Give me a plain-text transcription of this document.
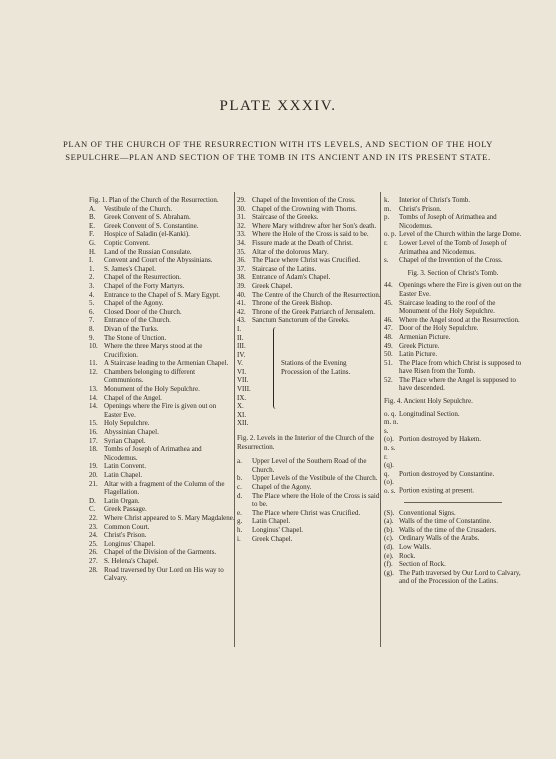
PLATE XXXIV.
PLAN OF THE CHURCH OF THE RESURRECTION WITH ITS LEVELS, AND SECTION OF THE HOLY SEPULCHRE—PLAN AND SECTION OF THE TOMB IN ITS ANCIENT AND IN ITS PRESENT STATE.
Fig. 1. Plan of the Church of the Resurrection.
A. Vestibule of the Church.
B. Greek Convent of S. Abraham.
E. Greek Convent of S. Constantine.
F. Hospice of Saladin (el-Kanki).
G. Coptic Convent.
H. Land of the Russian Consulate.
I. Convent and Court of the Abyssinians.
1. S. James's Chapel.
2. Chapel of the Resurrection.
3. Chapel of the Forty Martyrs.
4. Entrance to the Chapel of S. Mary Egypt.
5. Chapel of the Agony.
6. Closed Door of the Church.
7. Entrance of the Church.
8. Divan of the Turks.
9. The Stone of Unction.
10. Where the three Marys stood at the Crucifixion.
11. A Staircase leading to the Armenian Chapel.
12. Chambers belonging to different Communions.
13. Monument of the Holy Sepulchre.
14. Chapel of the Angel.
14. Openings where the Fire is given out on Easter Eve.
15. Holy Sepulchre.
16. Abyssinian Chapel.
17. Syrian Chapel.
18. Tombs of Joseph of Arimathea and Nicodemus.
19. Latin Convent.
20. Latin Chapel.
21. Altar with a fragment of the Column of the Flagellation.
D. Latin Organ.
C. Greek Passage.
22. Where Christ appeared to S. Mary Magdalene.
23. Common Court.
24. Christ's Prison.
25. Longinus' Chapel.
26. Chapel of the Division of the Garments.
27. S. Helena's Chapel.
28. Road traversed by Our Lord on His way to Calvary.
29. Chapel of the Invention of the Cross.
30. Chapel of the Crowning with Thorns.
31. Staircase of the Greeks.
32. Where Mary withdrew after her Son's death.
33. Where the Hole of the Cross is said to be.
34. Fissure made at the Death of Christ.
35. Altar of the dolorous Mary.
36. The Place where Christ was Crucified.
37. Staircase of the Latins.
38. Entrance of Adam's Chapel.
39. Greek Chapel.
40. The Centre of the Church of the Resurrection.
41. Throne of the Greek Bishop.
42. Throne of the Greek Patriarch of Jerusalem.
43. Sanctum Sanctorum of the Greeks.
I.
II.
III.
IV.
V.
VI.
VII.
VIII.
IX.
X.
XI.
XII.
Stations of the Evening Procession of the Latins.
Fig. 2. Levels in the Interior of the Church of the Resurrection.
a. Upper Level of the Southern Road of the Church.
b. Upper Levels of the Vestibule of the Church.
c. Chapel of the Agony.
d. The Place where the Hole of the Cross is said to be.
e. The Place where Christ was Crucified.
g. Latin Chapel.
h. Longinus' Chapel.
i. Greek Chapel.
k. Interior of Christ's Tomb.
m. Christ's Prison.
p. Tombs of Joseph of Arimathea and Nicodemus.
o. p. Level of the Church within the large Dome.
r. Lower Level of the Tomb of Joseph of Arimathea and Nicodemus.
s. Chapel of the Invention of the Cross.
Fig. 3. Section of Christ's Tomb.
44. Openings where the Fire is given out on the Easter Eve.
45. Staircase leading to the roof of the Monument of the Holy Sepulchre.
46. Where the Angel stood at the Resurrection.
47. Door of the Holy Sepulchre.
48. Armenian Picture.
49. Greek Picture.
50. Latin Picture.
51. The Place from which Christ is supposed to have Risen from the Tomb.
52. The Place where the Angel is supposed to have descended.
Fig. 4. Ancient Holy Sepulchre.
o. q. Longitudinal Section.
m. n. s. (o). Portion destroyed by Hakem.
n. s. r. (q). q. Portion destroyed by Constantine.
(o). o. s. Portion existing at present.
(S). Conventional Signs.
(a). Walls of the time of Constantine.
(b). Walls of the time of the Crusaders.
(c). Ordinary Walls of the Arabs.
(d). Low Walls.
(e). Rock.
(f). Section of Rock.
(g). The Path traversed by Our Lord to Calvary, and of the Procession of the Latins.
